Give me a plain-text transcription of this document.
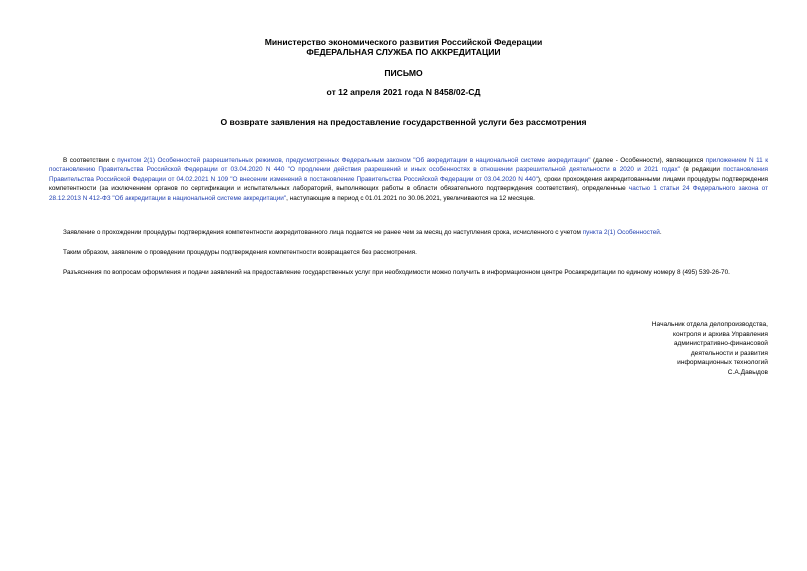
Министерство экономического развития Российской Федерации
ФЕДЕРАЛЬНАЯ СЛУЖБА ПО АККРЕДИТАЦИИ
ПИСЬМО
от 12 апреля 2021 года N 8458/02-СД
О возврате заявления на предоставление государственной услуги без рассмотрения
В соответствии с пунктом 2(1) Особенностей разрешительных режимов, предусмотренных Федеральным законом "Об аккредитации в национальной системе аккредитации" (далее - Особенности), являющихся приложением N 11 к постановлению Правительства Российской Федерации от 03.04.2020 N 440 "О продлении действия разрешений и иных особенностях в отношении разрешительной деятельности в 2020 и 2021 годах" (в редакции постановления Правительства Российской Федерации от 04.02.2021 N 109 "О внесении изменений в постановление Правительства Российской Федерации от 03.04.2020 N 440"), сроки прохождения аккредитованными лицами процедуры подтверждения компетентности (за исключением органов по сертификации и испытательных лабораторий, выполняющих работы в области обязательного подтверждения соответствия), определенные частью 1 статьи 24 Федерального закона от 28.12.2013 N 412-ФЗ "Об аккредитации в национальной системе аккредитации", наступающие в период с 01.01.2021 по 30.06.2021, увеличиваются на 12 месяцев.
Заявление о прохождении процедуры подтверждения компетентности аккредитованного лица подается не ранее чем за месяц до наступления срока, исчисленного с учетом пункта 2(1) Особенностей.
Таким образом, заявление о проведении процедуры подтверждения компетентности возвращается без рассмотрения.
Разъяснения по вопросам оформления и подачи заявлений на предоставление государственных услуг при необходимости можно получить в информационном центре Росаккредитации по единому номеру 8 (495) 539-26-70.
Начальник отдела делопроизводства,
контроля и архива Управления
административно-финансовой
деятельности и развития
информационных технологий
С.А.Давыдов
